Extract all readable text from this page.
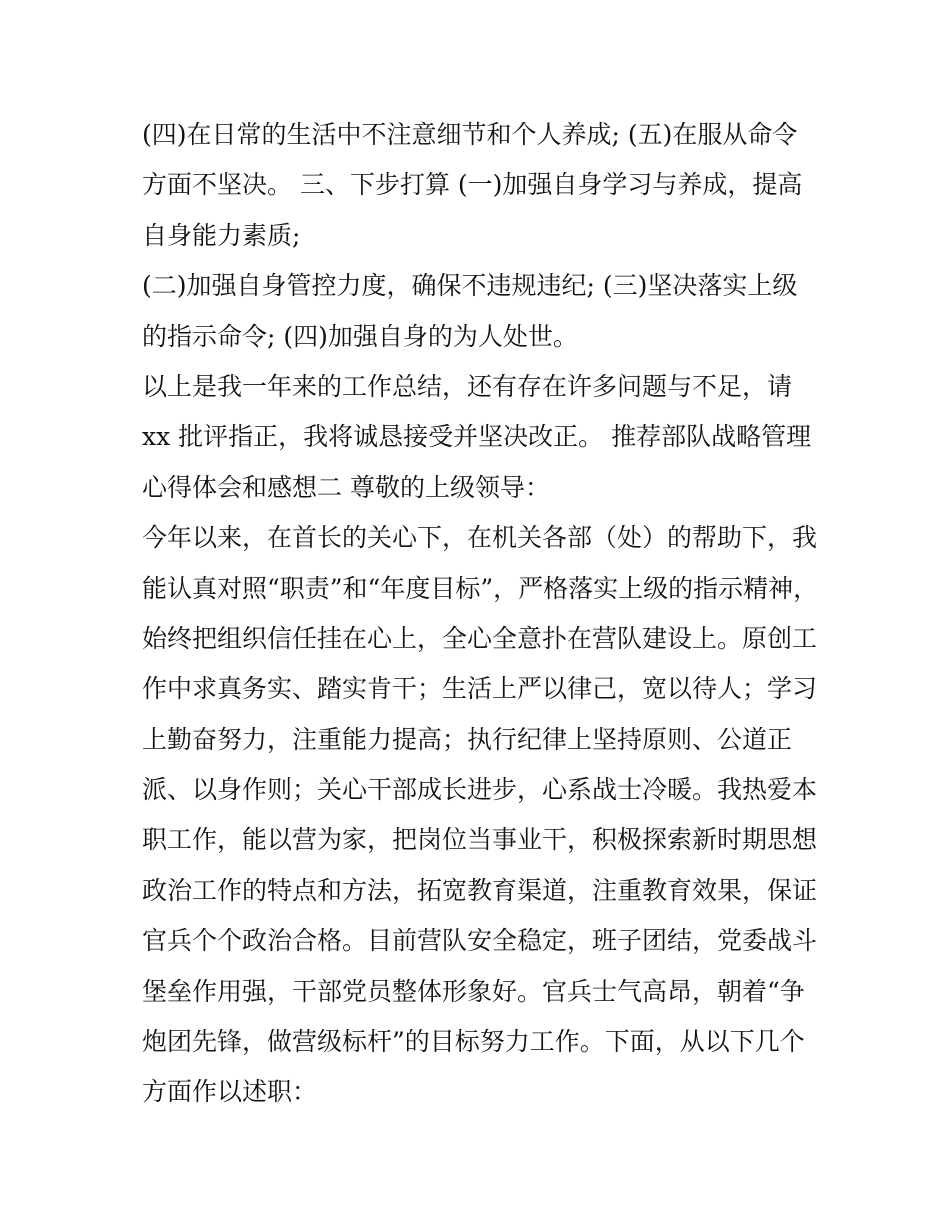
(四)在日常的生活中不注意细节和个人养成; (五)在服从命令
方面不坚决。 三、下步打算 (一)加强自身学习与养成，提高
自身能力素质;
(二)加强自身管控力度，确保不违规违纪; (三)坚决落实上级
的指示命令; (四)加强自身的为人处世。
以上是我一年来的工作总结，还有存在许多问题与不足，请
xx 批评指正，我将诚恳接受并坚决改正。 推荐部队战略管理
心得体会和感想二 尊敬的上级领导：
今年以来，在首长的关心下，在机关各部（处）的帮助下，我
能认真对照“职责”和“年度目标”，严格落实上级的指示精神，
始终把组织信任挂在心上，全心全意扑在营队建设上。原创工
作中求真务实、踏实肯干；生活上严以律己，宽以待人；学习
上勤奋努力，注重能力提高；执行纪律上坚持原则、公道正
派、以身作则；关心干部成长进步，心系战士冷暖。我热爱本
职工作，能以营为家，把岗位当事业干，积极探索新时期思想
政治工作的特点和方法，拓宽教育渠道，注重教育效果，保证
官兵个个政治合格。目前营队安全稳定，班子团结，党委战斗
堡垒作用强，干部党员整体形象好。官兵士气高昂，朝着“争
炮团先锋，做营级标杆”的目标努力工作。下面，从以下几个
方面作以述职：
